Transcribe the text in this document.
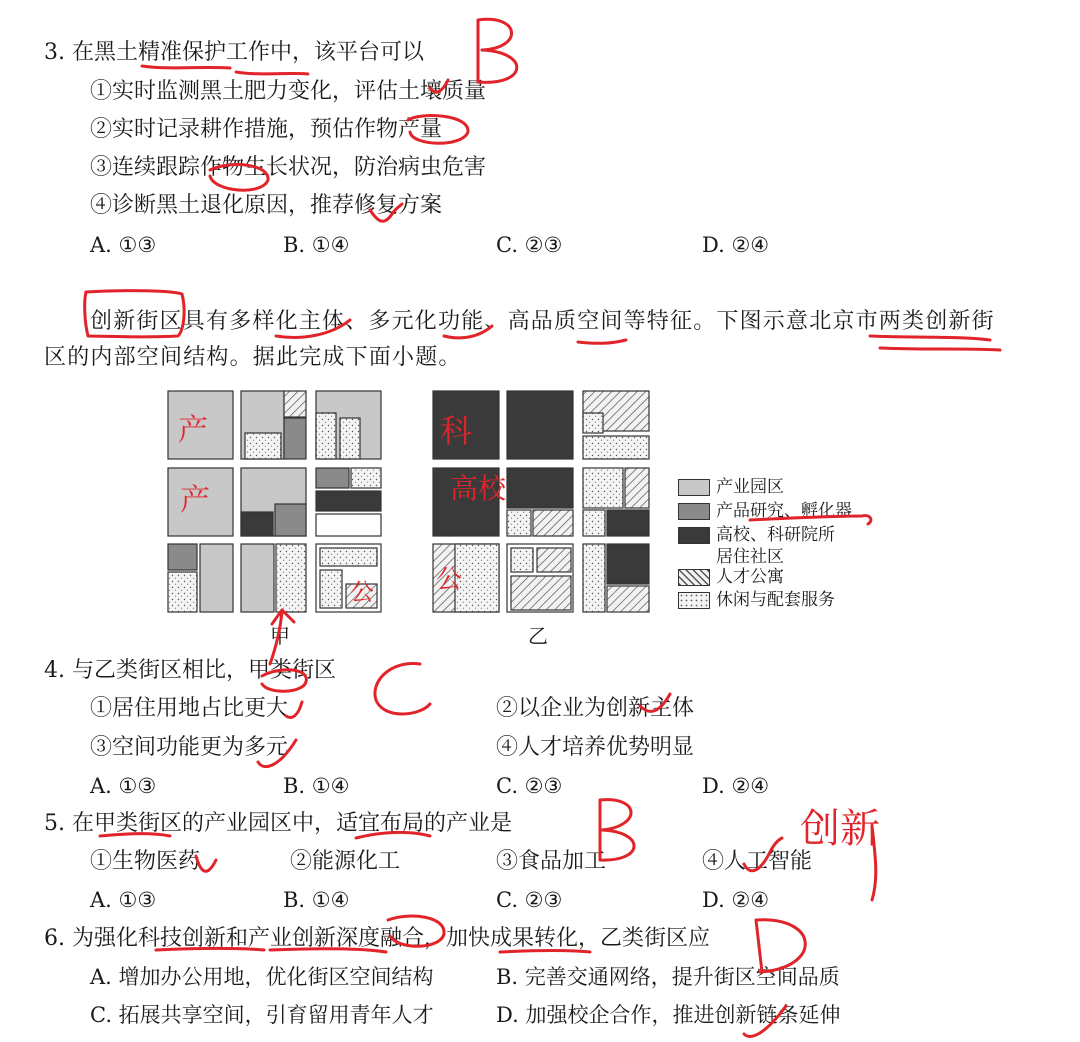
3. 在黑土精准保护工作中，该平台可以
①实时监测黑土肥力变化，评估土壤质量
②实时记录耕作措施，预估作物产量
③连续跟踪作物生长状况，防治病虫危害
④诊断黑土退化原因，推荐修复方案
A. ①③	B. ①④	C. ②③	D. ②④
创新街区具有多样化主体、多元化功能、高品质空间等特征。下图示意北京市两类创新街
区的内部空间结构。据此完成下面小题。
甲	乙
产业园区
产品研究、孵化器
高校、科研院所
居住社区
人才公寓
休闲与配套服务
4. 与乙类街区相比，甲类街区
①居住用地占比更大	②以企业为创新主体
③空间功能更为多元	④人才培养优势明显
A. ①③	B. ①④	C. ②③	D. ②④
5. 在甲类街区的产业园区中，适宜布局的产业是
①生物医药	②能源化工	③食品加工	④人工智能
A. ①③	B. ①④	C. ②③	D. ②④
6. 为强化科技创新和产业创新深度融合，加快成果转化，乙类街区应
A. 增加办公用地，优化街区空间结构	B. 完善交通网络，提升街区空间品质
C. 拓展共享空间，引育留用青年人才	D. 加强校企合作，推进创新链条延伸
产
产
科
高校
公
公
创新
